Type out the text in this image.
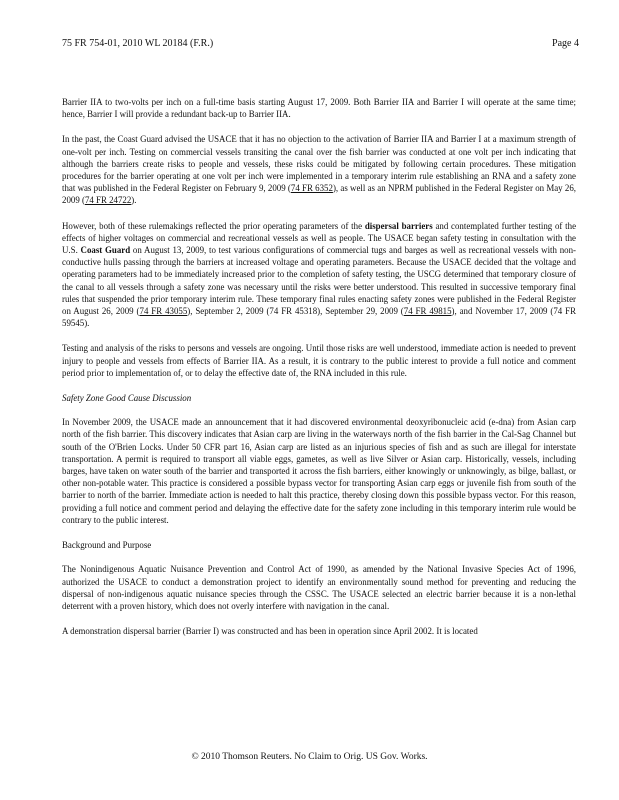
75 FR 754-01, 2010 WL 20184 (F.R.)	Page 4

Barrier IIA to two-volts per inch on a full-time basis starting August 17, 2009. Both Barrier IIA and Barrier I will operate at the same time; hence, Barrier I will provide a redundant back-up to Barrier IIA.

In the past, the Coast Guard advised the USACE that it has no objection to the activation of Barrier IIA and Barrier I at a maximum strength of one-volt per inch. Testing on commercial vessels transiting the canal over the fish barrier was conducted at one volt per inch indicating that although the barriers create risks to people and vessels, these risks could be mitigated by following certain procedures. These mitigation procedures for the barrier operating at one volt per inch were implemented in a temporary interim rule establishing an RNA and a safety zone that was published in the Federal Register on February 9, 2009 (74 FR 6352), as well as an NPRM published in the Federal Register on May 26, 2009 (74 FR 24722).

However, both of these rulemakings reflected the prior operating parameters of the dispersal barriers and contemplated further testing of the effects of higher voltages on commercial and recreational vessels as well as people. The USACE began safety testing in consultation with the U.S. Coast Guard on August 13, 2009, to test various configurations of commercial tugs and barges as well as recreational vessels with non-conductive hulls passing through the barriers at increased voltage and operating parameters. Because the USACE decided that the voltage and operating parameters had to be immediately increased prior to the completion of safety testing, the USCG determined that temporary closure of the canal to all vessels through a safety zone was necessary until the risks were better understood. This resulted in successive temporary final rules that suspended the prior temporary interim rule. These temporary final rules enacting safety zones were published in the Federal Register on August 26, 2009 (74 FR 43055), September 2, 2009 (74 FR 45318), September 29, 2009 (74 FR 49815), and November 17, 2009 (74 FR 59545).

Testing and analysis of the risks to persons and vessels are ongoing. Until those risks are well understood, immediate action is needed to prevent injury to people and vessels from effects of Barrier IIA. As a result, it is contrary to the public interest to provide a full notice and comment period prior to implementation of, or to delay the effective date of, the RNA included in this rule.

Safety Zone Good Cause Discussion

In November 2009, the USACE made an announcement that it had discovered environmental deoxyribonucleic acid (e-dna) from Asian carp north of the fish barrier. This discovery indicates that Asian carp are living in the waterways north of the fish barrier in the Cal-Sag Channel but south of the O'Brien Locks. Under 50 CFR part 16, Asian carp are listed as an injurious species of fish and as such are illegal for interstate transportation. A permit is required to transport all viable eggs, gametes, as well as live Silver or Asian carp. Historically, vessels, including barges, have taken on water south of the barrier and transported it across the fish barriers, either knowingly or unknowingly, as bilge, ballast, or other non-potable water. This practice is considered a possible bypass vector for transporting Asian carp eggs or juvenile fish from south of the barrier to north of the barrier. Immediate action is needed to halt this practice, thereby closing down this possible bypass vector. For this reason, providing a full notice and comment period and delaying the effective date for the safety zone including in this temporary interim rule would be contrary to the public interest.

Background and Purpose

The Nonindigenous Aquatic Nuisance Prevention and Control Act of 1990, as amended by the National Invasive Species Act of 1996, authorized the USACE to conduct a demonstration project to identify an environmentally sound method for preventing and reducing the dispersal of non-indigenous aquatic nuisance species through the CSSC. The USACE selected an electric barrier because it is a non-lethal deterrent with a proven history, which does not overly interfere with navigation in the canal.

A demonstration dispersal barrier (Barrier I) was constructed and has been in operation since April 2002. It is located

© 2010 Thomson Reuters. No Claim to Orig. US Gov. Works.
